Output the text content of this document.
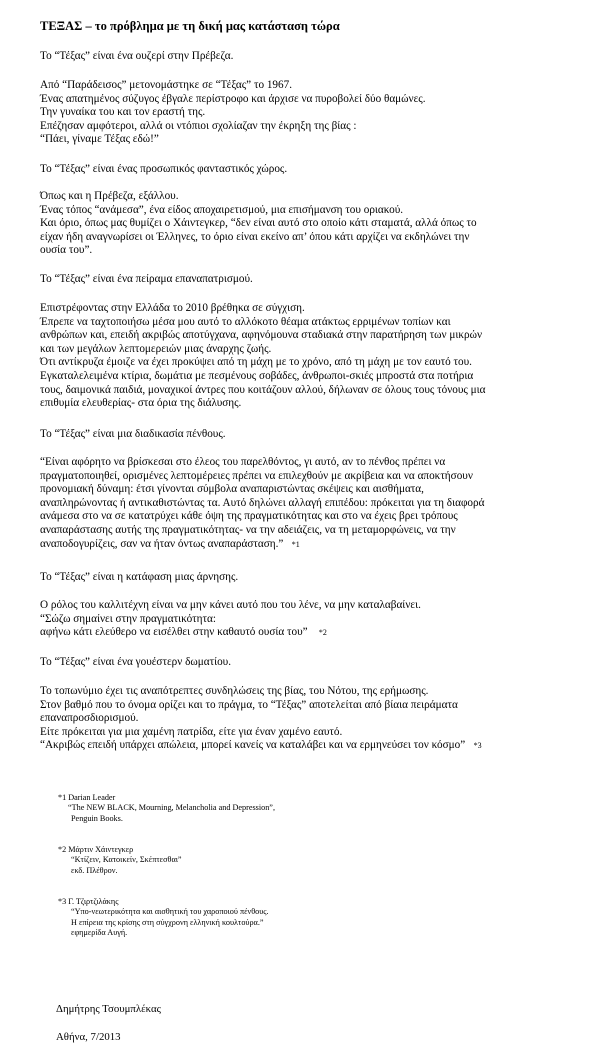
ΤΕΞΑΣ – το πρόβλημα με τη δική μας κατάσταση τώρα
Το “Τέξας” είναι ένα ουζερί στην Πρέβεζα.
Από “Παράδεισος” μετονομάστηκε σε “Τέξας” το 1967.
Ένας απατημένος σύζυγος έβγαλε περίστροφο και άρχισε να πυροβολεί δύο θαμώνες.
Την γυναίκα του και τον εραστή της.
Επέζησαν αμφότεροι, αλλά οι ντόπιοι σχολίαζαν την έκρηξη της βίας :
“Πάει, γίναμε Τέξας εδώ!”
Το “Τέξας” είναι ένας προσωπικός φανταστικός χώρος.
Όπως και η Πρέβεζα, εξάλλου.
Ένας τόπος “ανάμεσα”, ένα είδος αποχαιρετισμού, μια επισήμανση του οριακού.
Και όριο, όπως μας θυμίζει ο Χάιντεγκερ, “δεν είναι αυτό στο οποίο κάτι σταματά, αλλά όπως το
είχαν ήδη αναγνωρίσει οι Έλληνες, το όριο είναι εκείνο απ’ όπου κάτι αρχίζει να εκδηλώνει την
ουσία του”.
Το “Τέξας” είναι ένα πείραμα επαναπατρισμού.
Επιστρέφοντας στην Ελλάδα το 2010 βρέθηκα σε σύγχιση.
Έπρεπε να ταχτοποιήσω μέσα μου αυτό το αλλόκοτο θέαμα ατάκτως ερριμένων τοπίων και
ανθρώπων και, επειδή ακριβώς αποτύγχανα, αφηνόμουνα σταδιακά στην παρατήρηση των μικρών
και των μεγάλων λεπτομερειών μιας άναρχης ζωής.
Ότι αντίκρυζα έμοιζε να έχει προκύψει από τη μάχη με το χρόνο, από τη μάχη με τον εαυτό του.
Εγκαταλελειμένα κτίρια, δωμάτια με πεσμένους σοβάδες, άνθρωποι-σκιές μπροστά στα ποτήρια
τους, δαιμονικά παιδιά, μοναχικοί άντρες που κοιτάζουν αλλού, δήλωναν σε όλους τους τόνους μια
επιθυμία ελευθερίας- στα όρια της διάλυσης.
Το “Τέξας” είναι μια διαδικασία πένθους.
“Είναι αφόρητο να βρίσκεσαι στο έλεος του παρελθόντος, γι αυτό, αν το πένθος πρέπει να
πραγματοποιηθεί, ορισμένες λεπτομέρειες πρέπει να επιλεχθούν με ακρίβεια και να αποκτήσουν
προνομιακή δύναμη: έτσι γίνονται σύμβολα αναπαριστώντας σκέψεις και αισθήματα,
αναπληρώνοντας ή αντικαθιστώντας τα. Αυτό δηλώνει αλλαγή επιπέδου: πρόκειται για τη διαφορά
ανάμεσα στο να σε κατατρύχει κάθε όψη της πραγματικότητας και στο να έχεις βρει τρόπους
αναπαράστασης αυτής της πραγματικότητας- να την αδειάζεις, να τη μεταμορφώνεις, να την
αναποδογυρίζεις, σαν να ήταν όντως αναπαράσταση.” *1
Το “Τέξας” είναι η κατάφαση μιας άρνησης.
Ο ρόλος του καλλιτέχνη είναι να μην κάνει αυτό που του λένε, να μην καταλαβαίνει.
“Σώζω σημαίνει στην πραγματικότητα:
αφήνω κάτι ελεύθερο να εισέλθει στην καθαυτό ουσία του” *2
Το “Τέξας” είναι ένα γουέστερν δωματίου.
Το τοπωνύμιο έχει τις αναπότρεπτες συνδηλώσεις της βίας, του Νότου, της ερήμωσης.
Στον βαθμό που το όνομα ορίζει και το πράγμα, το “Τέξας” αποτελείται από βίαια πειράματα
επαναπροσδιορισμού.
Είτε πρόκειται για μια χαμένη πατρίδα, είτε για έναν χαμένο εαυτό.
“Ακριβώς επειδή υπάρχει απώλεια, μπορεί κανείς να καταλάβει και να ερμηνεύσει τον κόσμο” *3
*1 Darian Leader
“The NEW BLACK, Mourning, Melancholia and Depression”,
Penguin Books.
*2 Μάρτιν Χάιντεγκερ
“Κτίζειν, Κατοικείν, Σκέπτεσθαι”
εκδ. Πλέθρον.
*3 Γ. Τζιρτζιλάκης
“Υπο-νεωτερικότητα και αισθητική του χαροποιού πένθους.
Η επίρεια της κρίσης στη σύγχρονη ελληνική κουλτούρα.”
εφημερίδα Αυγή.
Δημήτρης Τσουμπλέκας
Αθήνα, 7/2013
